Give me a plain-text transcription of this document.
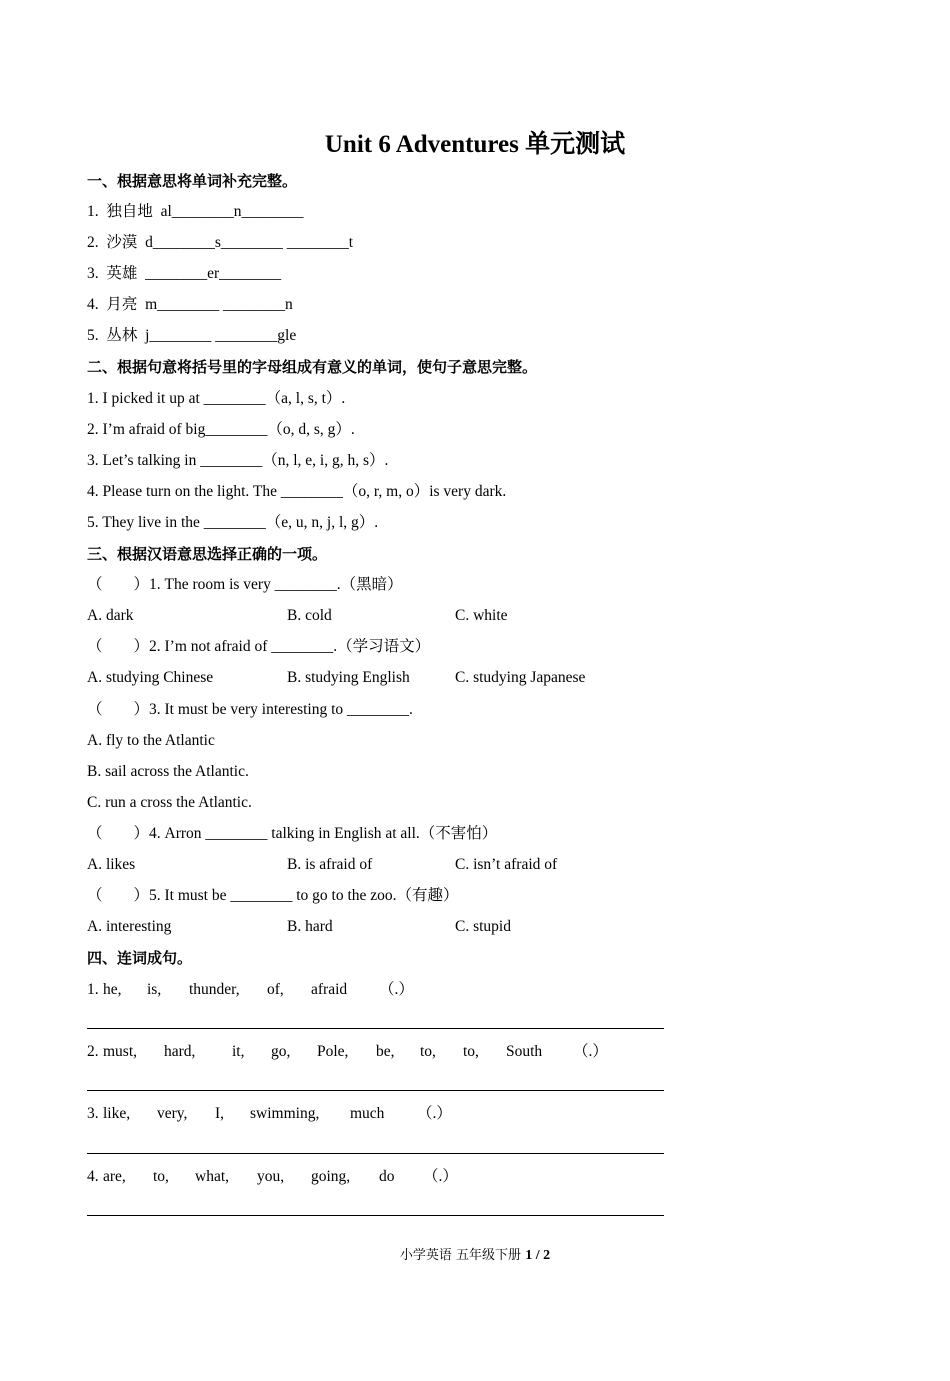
Unit 6 Adventures 单元测试
一、根据意思将单词补充完整。
1.  独自地  al________n________
2.  沙漠  d________s________ ________t
3.  英雄  ________er________
4.  月亮  m________ ________n
5.  丛林  j________ ________gle
二、根据句意将括号里的字母组成有意义的单词，使句子意思完整。
1. I picked it up at ________（a, l, s, t）.
2. I’m afraid of big________（o, d, s, g）.
3. Let’s talking in ________（n, l, e, i, g, h, s）.
4. Please turn on the light. The ________（o, r, m, o）is very dark.
5. They live in the ________（e, u, n, j, l, g）.
三、根据汉语意思选择正确的一项。
（        ）1. The room is very ________.（黑暗）

A. dark

	B. cold

	C. white

（        ）2. I’m not afraid of ________.（学习语文）

A. studying Chinese

	B. studying English

	C. studying Japanese

（        ）3. It must be very interesting to ________.
A. fly to the Atlantic
B. sail across the Atlantic.
C. run a cross the Atlantic.
（        ）4. Arron ________ talking in English at all.（不害怕）

A. likes

	B. is afraid of

	C. isn’t afraid of

（        ）5. It must be ________ to go to the zoo.（有趣）

A. interesting

	B. hard

	C. stupid

四、连词成句。

1.

he,

is,

thunder,

of,

afraid

（.）

2.

must,

hard,

it,

go,

Pole,

be,

to,

to,

South

（.）

3.

like,

very,

I,

swimming,

much

（.）

4.

are,

to,

what,

you,

going,

do

（.）

小学英语 五年级下册 1 / 2
